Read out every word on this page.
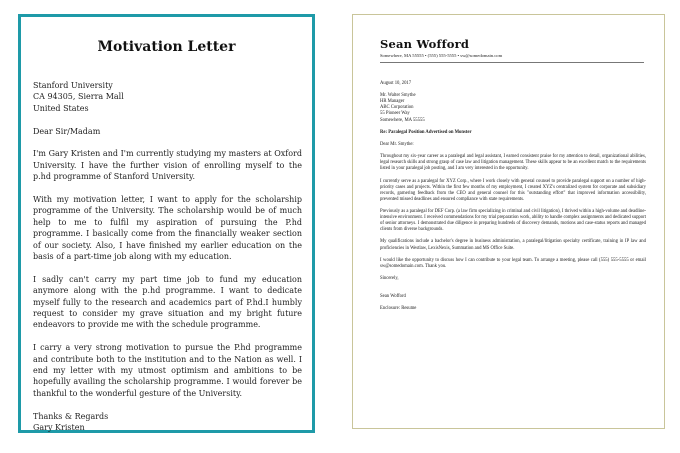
Motivation Letter
Stanford University
CA 94305, Sierra Mall
United States
Dear Sir/Madam

I'm Gary Kristen and I'm currently studying my masters at Oxford University. I have the further vision of enrolling myself to the p.hd programme of Stanford University.

With my motivation letter, I want to apply for the scholarship programme of the University. The scholarship would be of much help to me to fulfil my aspiration of pursuing the P.hd programme. I basically come from the financially weaker section of our society. Also, I have finished my earlier education on the basis of a part-time job along with my education.

I sadly can't carry my part time job to fund my education anymore along with the p.hd programme. I want to dedicate myself fully to the research and academics part of P.hd.I humbly request to consider my grave situation and my bright future endeavors to provide me with the schedule programme.

I carry a very strong motivation to pursue the P.hd programme and contribute both to the institution and to the Nation as well. I end my letter with my utmost optimism and ambitions to be hopefully availing the scholarship programme. I would forever be thankful to the wonderful gesture of the University.

Thanks & Regards
Gary Kristen
Sean Wofford
Somewhere, MA 55555 • (555) 555-5555 • sw@somedomain.com
August 10, 2017
Mr. Walter Smythe
HR Manager
ABC Corporation
55 Pioneer Way
Somewhere, MA 55555
Re: Paralegal Position Advertised on Monster
Dear Mr. Smythe:

Throughout my six-year career as a paralegal and legal assistant, I earned consistent praise for my attention to detail, organizational abilities, legal research skills and strong grasp of case law and litigation management. These skills appear to be an excellent match to the requirements listed in your paralegal job posting, and I am very interested in the opportunity.

I currently serve as a paralegal for XYZ Corp., where I work closely with general counsel to provide paralegal support on a number of high-priority cases and projects. Within the first few months of my employment, I created XYZ's centralized system for corporate and subsidiary records, garnering feedback from the CEO and general counsel for this "outstanding effort" that improved information accessibility, prevented missed deadlines and ensured compliance with state requirements.

Previously as a paralegal for DEF Corp. (a law firm specializing in criminal and civil litigation), I thrived within a high-volume and deadline-intensive environment. I received commendations for my trial preparation work, ability to handle complex assignments and dedicated support of senior attorneys. I demonstrated due diligence in preparing hundreds of discovery demands, motions and case-status reports and managed clients from diverse backgrounds.

My qualifications include a bachelor's degree in business administration, a paralegal/litigation specialty certificate, training in IP law and proficiencies in Westlaw, LexisNexis, Summation and MS Office Suite.

I would like the opportunity to discuss how I can contribute to your legal team. To arrange a meeting, please call (555) 555-5555 or email sw@somedomain.com. Thank you.

Sincerely,
Sean Wofford
Enclosure: Resume
